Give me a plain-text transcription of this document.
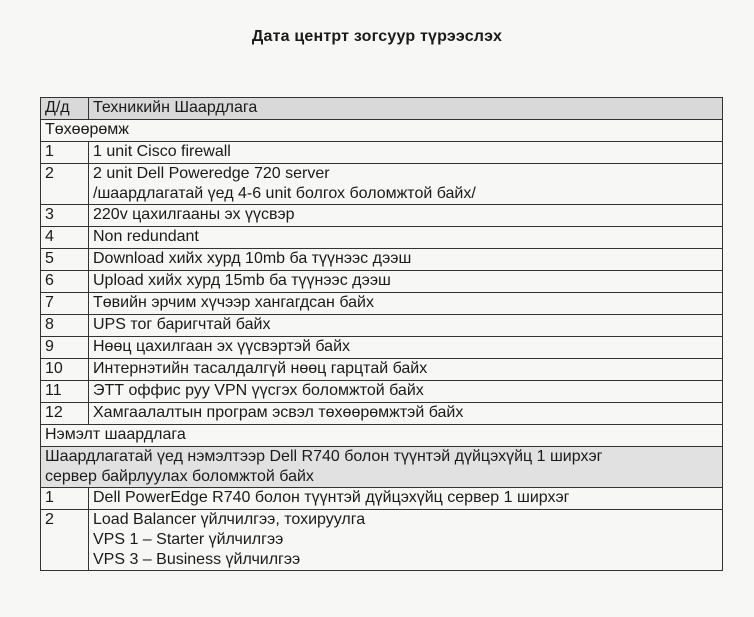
Дата центрт зогсуур түрээслэх
Д/д	Техникийн Шаардлага
Төхөөрөмж	
1	1 unit Cisco firewall

2	2 unit Dell Poweredge 720 server
/шаардлагатай үед 4-6 unit болгох боломжтой байх/

3	220v цахилгааны эх үүсвэр

4	Non redundant

5	Download хийх хурд 10mb ба түүнээс дээш

6	Upload хийх хурд 15mb ба түүнээс дээш

7	Төвийн эрчим хүчээр хангагдсан байх

8	UPS тог баригчтай байх

9	Нөөц цахилгаан эх үүсвэртэй байх

10	Интернэтийн тасалдалгүй нөөц гарцтай байх

11	ЭТТ оффис руу VPN үүсгэх боломжтой байх

12	Хамгаалалтын програм эсвэл төхөөрөмжтэй байх

Нэмэлт шаардлага	

Шаардлагатай үед нэмэлтээр Dell R740 болон түүнтэй дүйцэхүйц 1 ширхэг
сервер байрлуулах боломжтой байх	

1	Dell PowerEdge R740 болон түүнтэй дүйцэхүйц сервер 1 ширхэг

2	Load Balancer үйлчилгээ, тохируулга
VPS 1 – Starter үйлчилгээ
VPS 3 – Business үйлчилгээ
